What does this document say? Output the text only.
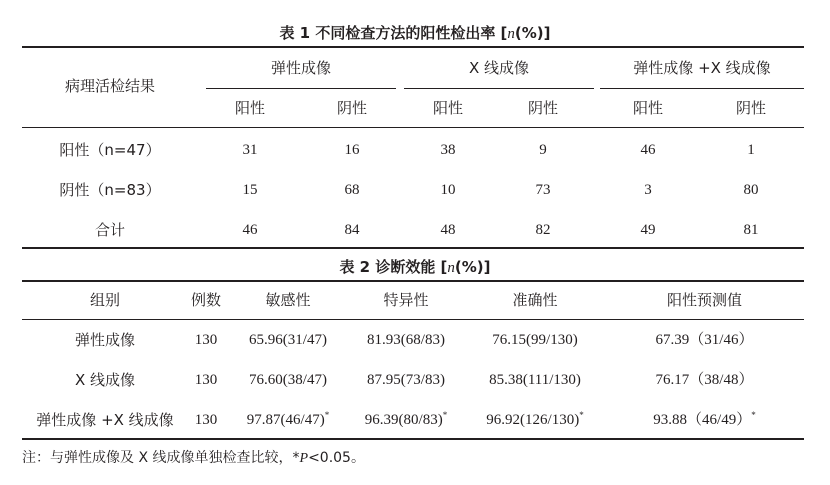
表 1 不同检查方法的阳性检出率 [n(%)]
病理活检结果
弹性成像	X 线成像	弹性成像 +X 线成像
阳性	阴性	阳性	阴性	阳性	阴性
阳性（n=47）	31	16	38	9	46	1
阴性（n=83）	15	68	10	73	3	80
合计	46	84	48	82	49	81
表 2 诊断效能 [n(%)]
组别	例数	敏感性	特异性	准确性	阳性预测值
弹性成像	130	65.96(31/47)	81.93(68/83)	76.15(99/130)	67.39（31/46）
X 线成像	130	76.60(38/47)	87.95(73/83)	85.38(111/130)	76.17（38/48）
弹性成像 +X 线成像	130	97.87(46/47)*	96.39(80/83)*	96.92(126/130)*	93.88（46/49）*
注：与弹性成像及 X 线成像单独检查比较，*P<0.05。
